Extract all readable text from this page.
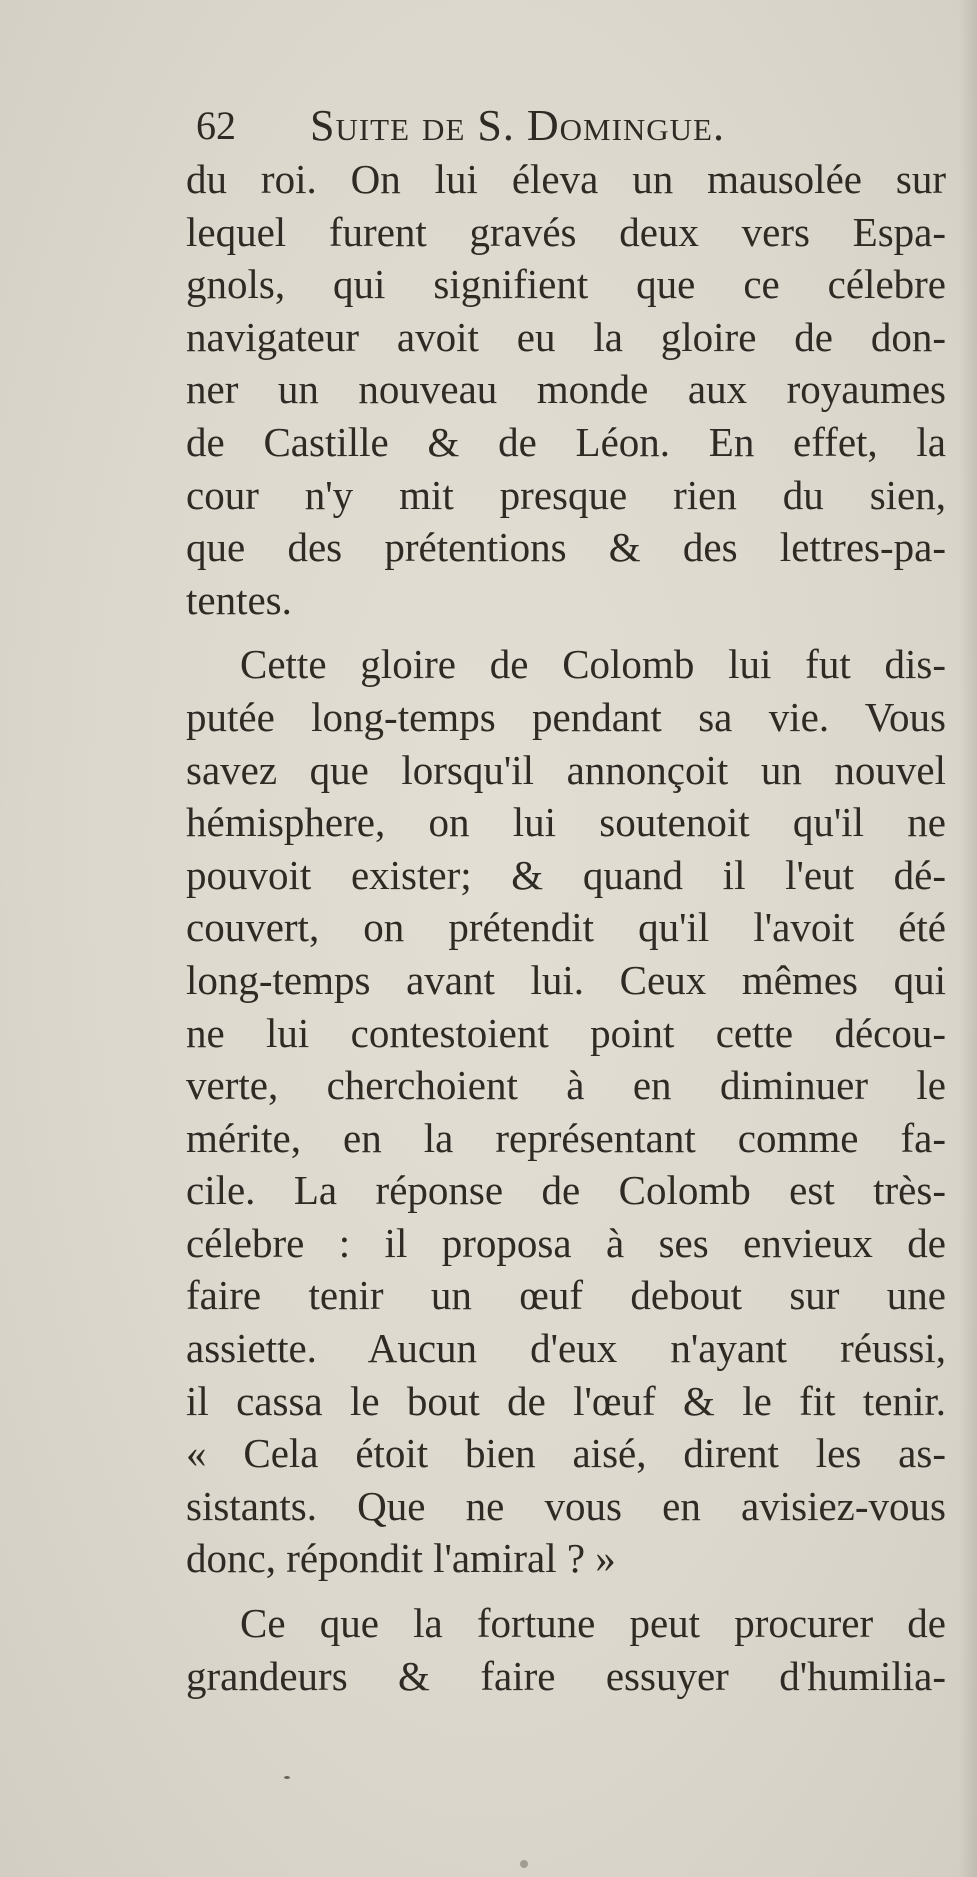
62 Suite de S. Domingue.
du roi. On lui éleva un mausolée sur
lequel furent gravés deux vers Espa-
gnols, qui signifient que ce célebre
navigateur avoit eu la gloire de don-
ner un nouveau monde aux royaumes
de Castille & de Léon. En effet, la
cour n'y mit presque rien du sien,
que des prétentions & des lettres-pa-
tentes.
Cette gloire de Colomb lui fut dis-
putée long-temps pendant sa vie. Vous
savez que lorsqu'il annonçoit un nouvel
hémisphere, on lui soutenoit qu'il ne
pouvoit exister; & quand il l'eut dé-
couvert, on prétendit qu'il l'avoit été
long-temps avant lui. Ceux mêmes qui
ne lui contestoient point cette décou-
verte, cherchoient à en diminuer le
mérite, en la représentant comme fa-
cile. La réponse de Colomb est très-
célebre : il proposa à ses envieux de
faire tenir un œuf debout sur une
assiette. Aucun d'eux n'ayant réussi,
il cassa le bout de l'œuf & le fit tenir.
« Cela étoit bien aisé, dirent les as-
sistants. Que ne vous en avisiez-vous
donc, répondit l'amiral ? »
Ce que la fortune peut procurer de
grandeurs & faire essuyer d'humilia-
